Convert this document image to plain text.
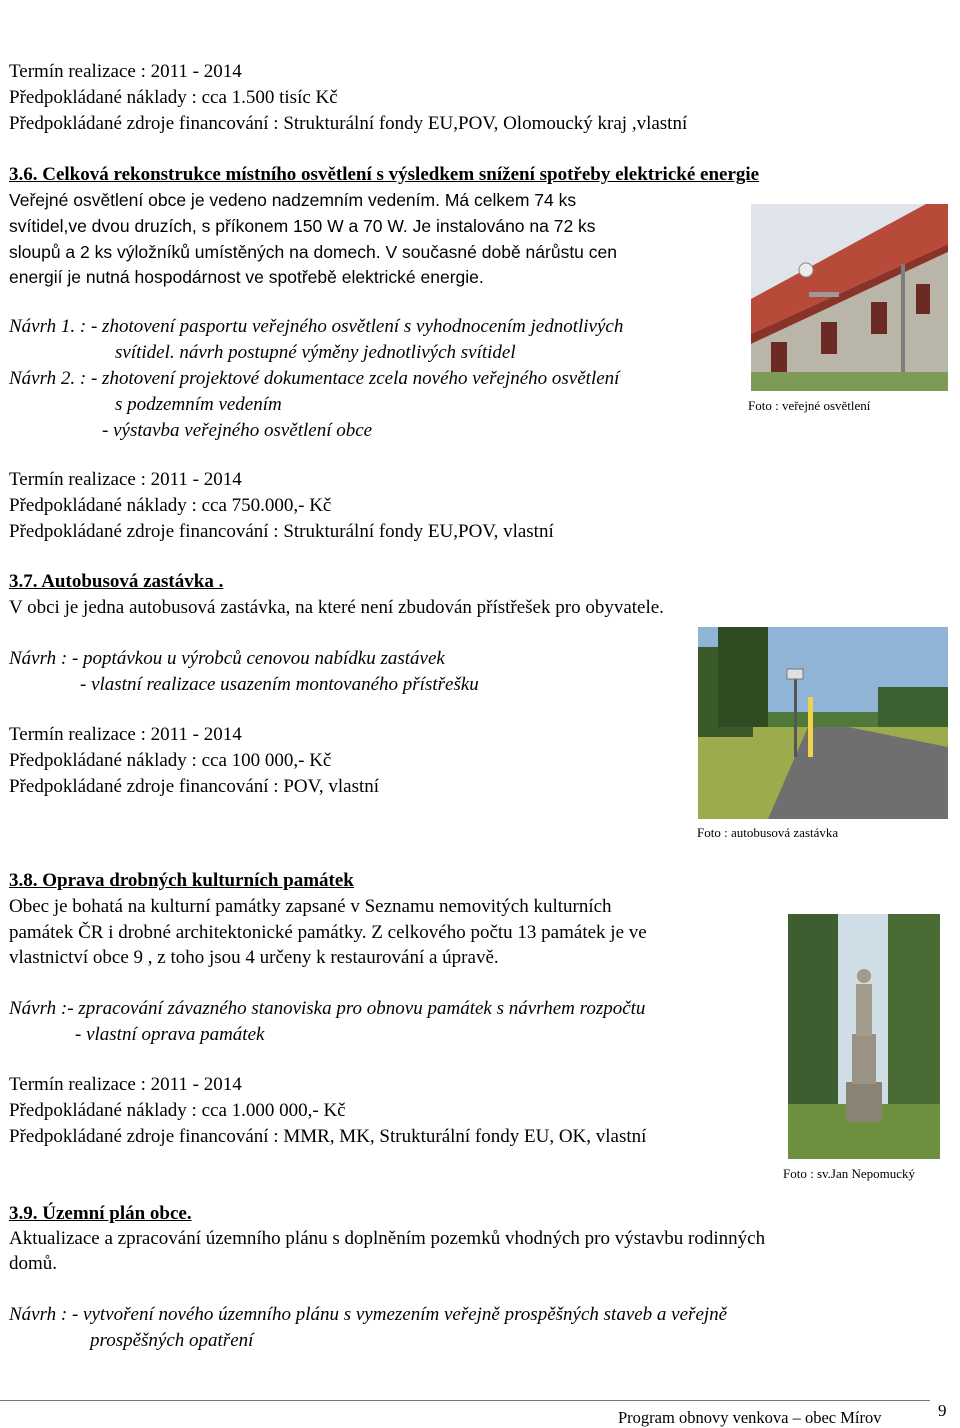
Termín realizace : 2011 - 2014
Předpokládané náklady : cca 1.500 tisíc Kč
Předpokládané zdroje financování : Strukturální fondy EU,POV, Olomoucký kraj ,vlastní
3.6. Celková rekonstrukce místního osvětlení s výsledkem snížení spotřeby elektrické energie
Veřejné osvětlení obce je vedeno nadzemním vedením. Má celkem 74 ks
svítidel,ve dvou druzích, s příkonem 150 W a 70 W. Je instalováno na 72 ks
sloupů a 2 ks výložníků umístěných na domech. V současné době nárůstu cen
energií je nutná hospodárnost ve spotřebě elektrické energie.
Návrh 1. : - zhotovení pasportu veřejného osvětlení s vyhodnocením jednotlivých
svítidel. návrh postupné výměny jednotlivých svítidel
Návrh 2. : - zhotovení projektové dokumentace zcela nového veřejného osvětlení
s podzemním vedením
- výstavba veřejného osvětlení obce
Foto : veřejné osvětlení
Termín realizace : 2011 - 2014
Předpokládané náklady : cca 750.000,- Kč
Předpokládané zdroje financování : Strukturální fondy EU,POV, vlastní
3.7. Autobusová zastávka .
V obci je jedna autobusová zastávka, na které není zbudován přístřešek pro obyvatele.
Návrh : - poptávkou u výrobců cenovou nabídku zastávek
- vlastní realizace usazením montovaného přístřešku
Termín realizace : 2011 - 2014
Předpokládané náklady : cca 100 000,- Kč
Předpokládané zdroje financování : POV, vlastní
Foto : autobusová zastávka
3.8. Oprava drobných kulturních památek
Obec je bohatá na kulturní památky zapsané v Seznamu nemovitých kulturních
památek ČR i drobné architektonické památky. Z celkového počtu 13 památek je ve
vlastnictví obce 9 , z toho jsou 4 určeny k restaurování a úpravě.
Návrh :- zpracování závazného stanoviska pro obnovu památek s návrhem rozpočtu
- vlastní oprava památek
Termín realizace : 2011 - 2014
Předpokládané náklady : cca 1.000 000,- Kč
Předpokládané zdroje financování : MMR, MK, Strukturální fondy EU, OK, vlastní
Foto : sv.Jan Nepomucký
3.9. Územní plán obce.
Aktualizace a zpracování územního plánu s doplněním pozemků vhodných pro výstavbu rodinných
domů.
Návrh : - vytvoření nového územního plánu s vymezením veřejně prospěšných staveb a veřejně
prospěšných opatření
Program obnovy venkova – obec Mírov	9
